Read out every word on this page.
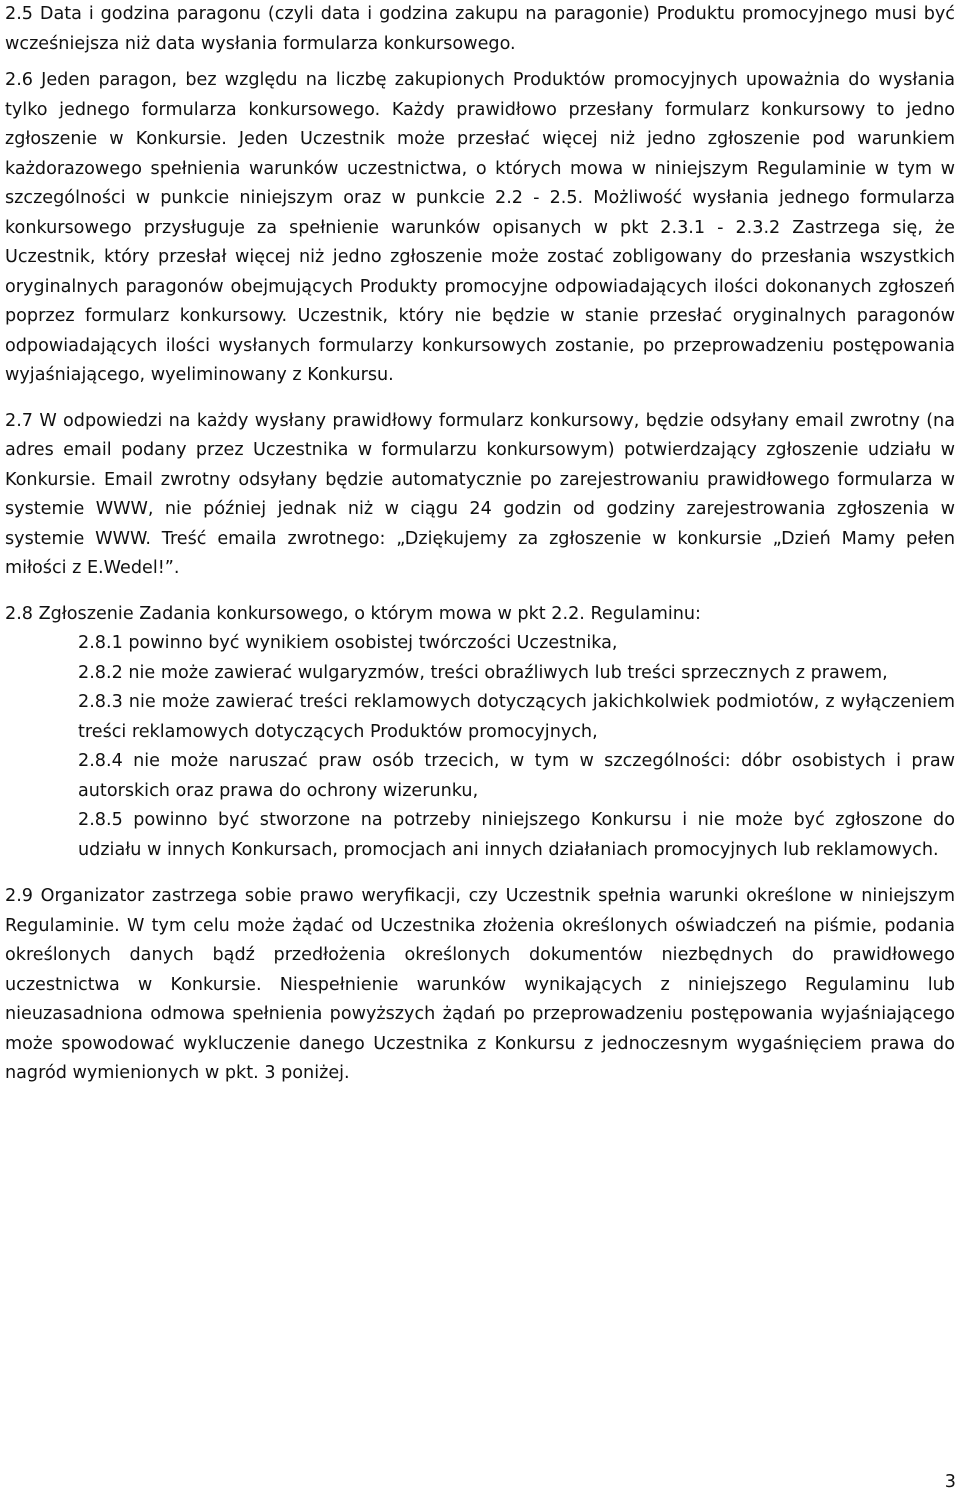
2.5 Data i godzina paragonu (czyli data i godzina zakupu na paragonie) Produktu promocyjnego musi być wcześniejsza niż data wysłania formularza konkursowego.

2.6 Jeden paragon, bez względu na liczbę zakupionych Produktów promocyjnych upoważnia do wysłania tylko jednego formularza konkursowego. Każdy prawidłowo przesłany formularz konkursowy to jedno zgłoszenie w Konkursie. Jeden Uczestnik może przesłać więcej niż jedno zgłoszenie pod warunkiem każdorazowego spełnienia warunków uczestnictwa, o których mowa w niniejszym Regulaminie w tym w szczególności w punkcie niniejszym oraz w punkcie 2.2 - 2.5. Możliwość wysłania jednego formularza konkursowego przysługuje za spełnienie warunków opisanych w pkt 2.3.1 - 2.3.2 Zastrzega się, że Uczestnik, który przesłał więcej niż jedno zgłoszenie może zostać zobligowany do przesłania wszystkich oryginalnych paragonów obejmujących Produkty promocyjne odpowiadających ilości dokonanych zgłoszeń poprzez formularz konkursowy. Uczestnik, który nie będzie w stanie przesłać oryginalnych paragonów odpowiadających ilości wysłanych formularzy konkursowych zostanie, po przeprowadzeniu postępowania wyjaśniającego, wyeliminowany z Konkursu.

2.7 W odpowiedzi na każdy wysłany prawidłowy formularz konkursowy, będzie odsyłany email zwrotny (na adres email podany przez Uczestnika w formularzu konkursowym) potwierdzający zgłoszenie udziału w Konkursie. Email zwrotny odsyłany będzie automatycznie po zarejestrowaniu prawidłowego formularza w systemie WWW, nie później jednak niż w ciągu 24 godzin od godziny zarejestrowania zgłoszenia w systemie WWW. Treść emaila zwrotnego: „Dziękujemy za zgłoszenie w konkursie „Dzień Mamy pełen miłości z E.Wedel!”.

2.8 Zgłoszenie Zadania konkursowego, o którym mowa w pkt 2.2. Regulaminu:

2.8.1 powinno być wynikiem osobistej twórczości Uczestnika,

2.8.2 nie może zawierać wulgaryzmów, treści obraźliwych lub treści sprzecznych z prawem,

2.8.3 nie może zawierać treści reklamowych dotyczących jakichkolwiek podmiotów, z wyłączeniem treści reklamowych dotyczących Produktów promocyjnych,

2.8.4 nie może naruszać praw osób trzecich, w tym w szczególności: dóbr osobistych i praw autorskich oraz prawa do ochrony wizerunku,

2.8.5 powinno być stworzone na potrzeby niniejszego Konkursu i nie może być zgłoszone do udziału w innych Konkursach, promocjach ani innych działaniach promocyjnych lub reklamowych.

2.9 Organizator zastrzega sobie prawo weryfikacji, czy Uczestnik spełnia warunki określone w niniejszym Regulaminie. W tym celu może żądać od Uczestnika złożenia określonych oświadczeń na piśmie, podania określonych danych bądź przedłożenia określonych dokumentów niezbędnych do prawidłowego uczestnictwa w Konkursie. Niespełnienie warunków wynikających z niniejszego Regulaminu lub nieuzasadniona odmowa spełnienia powyższych żądań po przeprowadzeniu postępowania wyjaśniającego może spowodować wykluczenie danego Uczestnika z Konkursu z jednoczesnym wygaśnięciem prawa do nagród wymienionych w pkt. 3 poniżej.

3
